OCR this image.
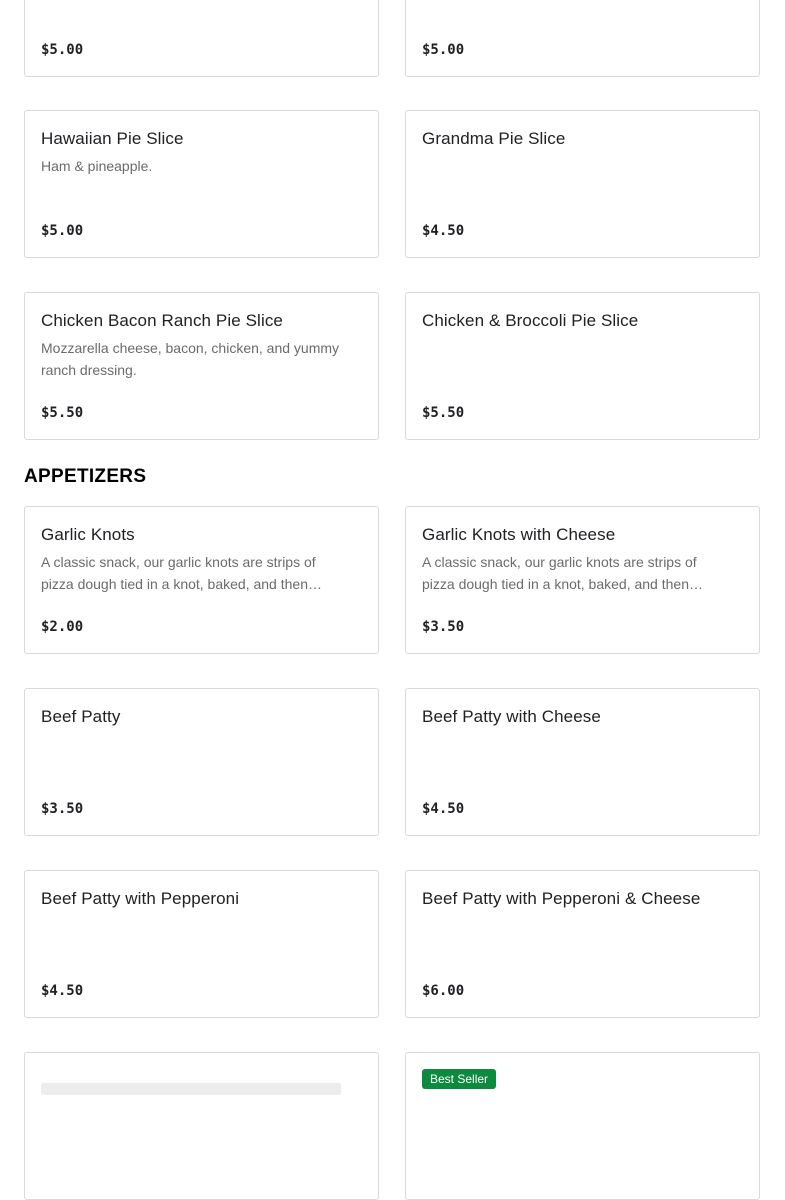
$5.00	$5.00
Hawaiian Pie Slice
Ham & pineapple.
$5.00
Grandma Pie Slice
$4.50
Chicken Bacon Ranch Pie Slice
Mozzarella cheese, bacon, chicken, and yummy ranch dressing.
$5.50
Chicken & Broccoli Pie Slice
$5.50
APPETIZERS
Garlic Knots
A classic snack, our garlic knots are strips of pizza dough tied in a knot, baked, and then…
$2.00
Garlic Knots with Cheese
A classic snack, our garlic knots are strips of pizza dough tied in a knot, baked, and then…
$3.50
Beef Patty
$3.50
Beef Patty with Cheese
$4.50
Beef Patty with Pepperoni
$4.50
Beef Patty with Pepperoni & Cheese
$6.00
Best Seller
